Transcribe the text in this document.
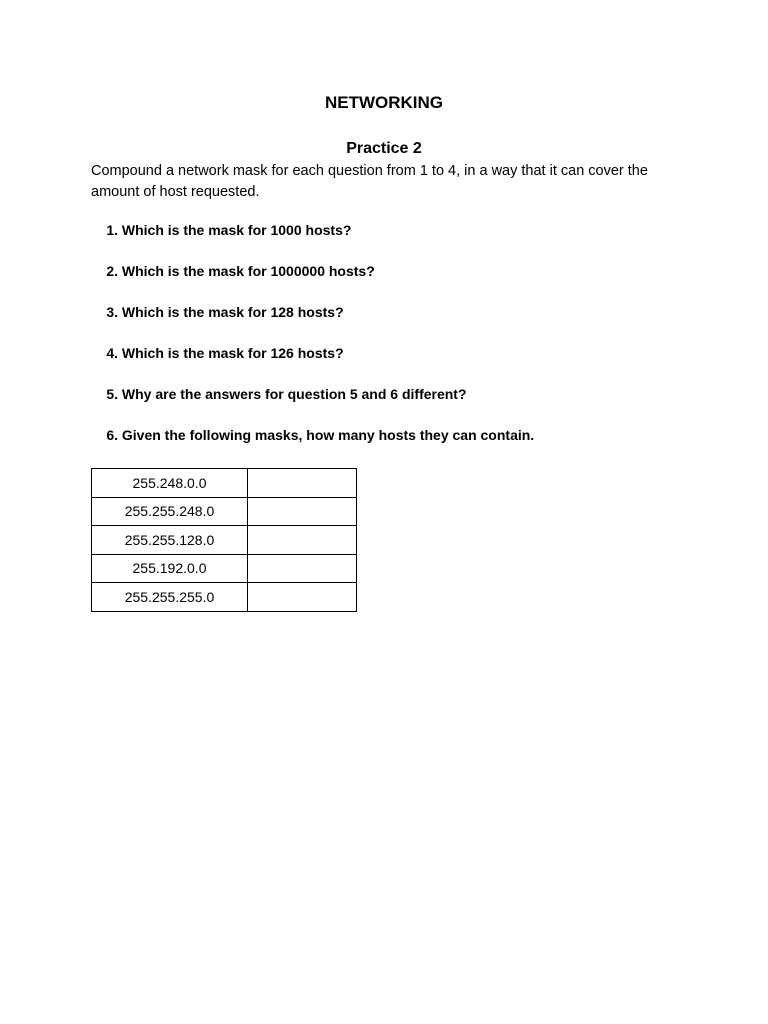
NETWORKING
Practice 2
Compound a network mask for each question from 1 to 4, in a way that it can cover the amount of host requested.
1. Which is the mask for 1000 hosts?
2. Which is the mask for 1000000 hosts?
3. Which is the mask for 128 hosts?
4. Which is the mask for 126 hosts?
5. Why are the answers for question 5 and 6 different?
6. Given the following masks, how many hosts they can contain.
255.248.0.0	
255.255.248.0	
255.255.128.0	
255.192.0.0	
255.255.255.0	
